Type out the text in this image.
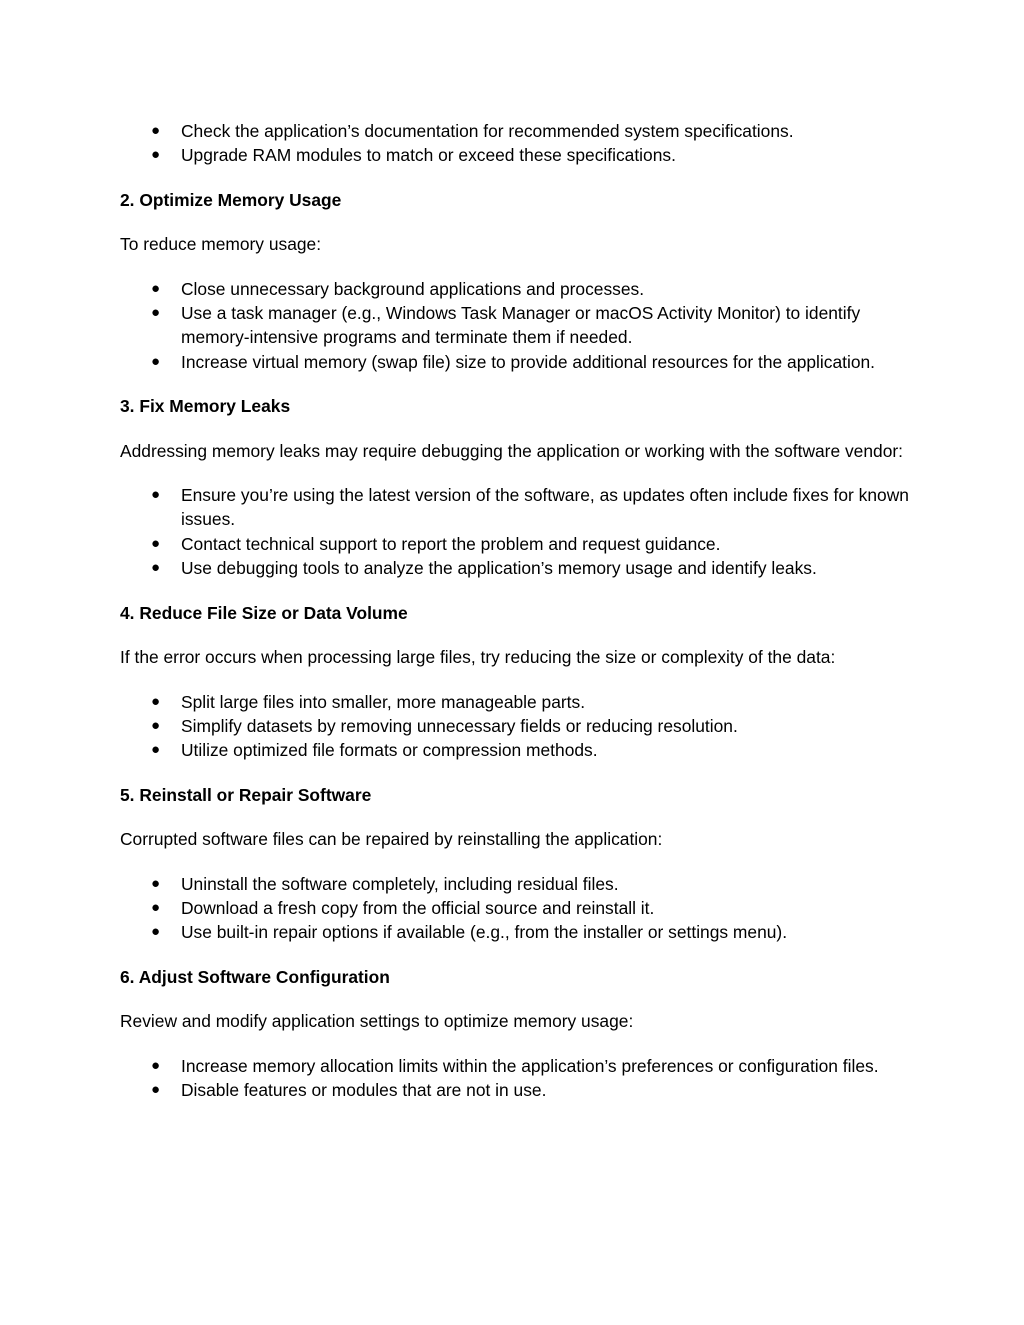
● Check the application’s documentation for recommended system specifications.
● Upgrade RAM modules to match or exceed these specifications.

2. Optimize Memory Usage

To reduce memory usage:

● Close unnecessary background applications and processes.
● Use a task manager (e.g., Windows Task Manager or macOS Activity Monitor) to identify memory-intensive programs and terminate them if needed.
● Increase virtual memory (swap file) size to provide additional resources for the application.

3. Fix Memory Leaks

Addressing memory leaks may require debugging the application or working with the software vendor:

● Ensure you’re using the latest version of the software, as updates often include fixes for known issues.
● Contact technical support to report the problem and request guidance.
● Use debugging tools to analyze the application’s memory usage and identify leaks.

4. Reduce File Size or Data Volume

If the error occurs when processing large files, try reducing the size or complexity of the data:

● Split large files into smaller, more manageable parts.
● Simplify datasets by removing unnecessary fields or reducing resolution.
● Utilize optimized file formats or compression methods.

5. Reinstall or Repair Software

Corrupted software files can be repaired by reinstalling the application:

● Uninstall the software completely, including residual files.
● Download a fresh copy from the official source and reinstall it.
● Use built-in repair options if available (e.g., from the installer or settings menu).

6. Adjust Software Configuration

Review and modify application settings to optimize memory usage:

● Increase memory allocation limits within the application’s preferences or configuration files.
● Disable features or modules that are not in use.
